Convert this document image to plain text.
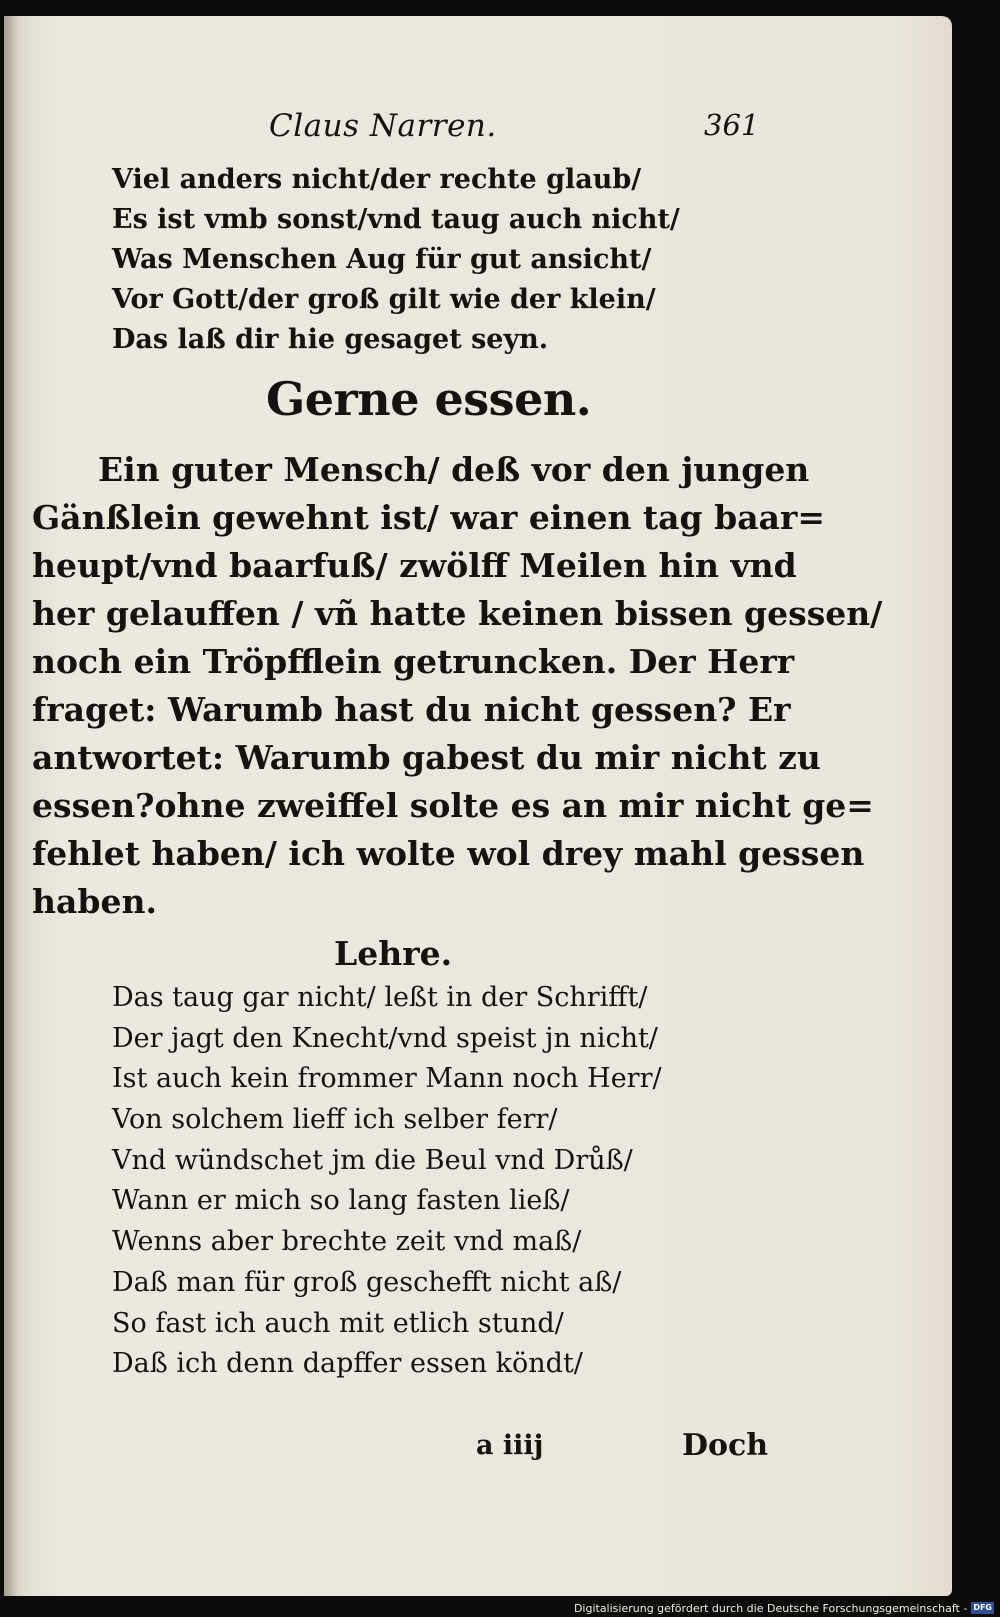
Claus Narren.	361
Viel anders nicht/der rechte glaub/
Es ist vmb sonst/vnd taug auch nicht/
Was Menschen Aug für gut ansicht/
Vor Gott/der groß gilt wie der klein/
Das laß dir hie gesaget seyn.
Gerne essen.
Ein guter Mensch/ deß vor den jungen
Gänßlein gewehnt ist/ war einen tag baar=
heupt/vnd baarfuß/ zwölff Meilen hin vnd
her gelauffen / vñ hatte keinen bissen gessen/
noch ein Tröpfflein getruncken. Der Herr
fraget: Warumb hast du nicht gessen? Er
antwortet: Warumb gabest du mir nicht zu
essen?ohne zweiffel solte es an mir nicht ge=
fehlet haben/ ich wolte wol drey mahl gessen
haben.
Lehre.
Das taug gar nicht/ leßt in der Schrifft/
Der jagt den Knecht/vnd speist jn nicht/
Ist auch kein frommer Mann noch Herr/
Von solchem lieff ich selber ferr/
Vnd wündschet jm die Beul vnd Drůß/
Wann er mich so lang fasten ließ/
Wenns aber brechte zeit vnd maß/
Daß man für groß geschefft nicht aß/
So fast ich auch mit etlich stund/
Daß ich denn dapffer essen köndt/
a iiij	Doch
Digitalisierung gefördert durch die Deutsche Forschungsgemeinschaft - DFG
